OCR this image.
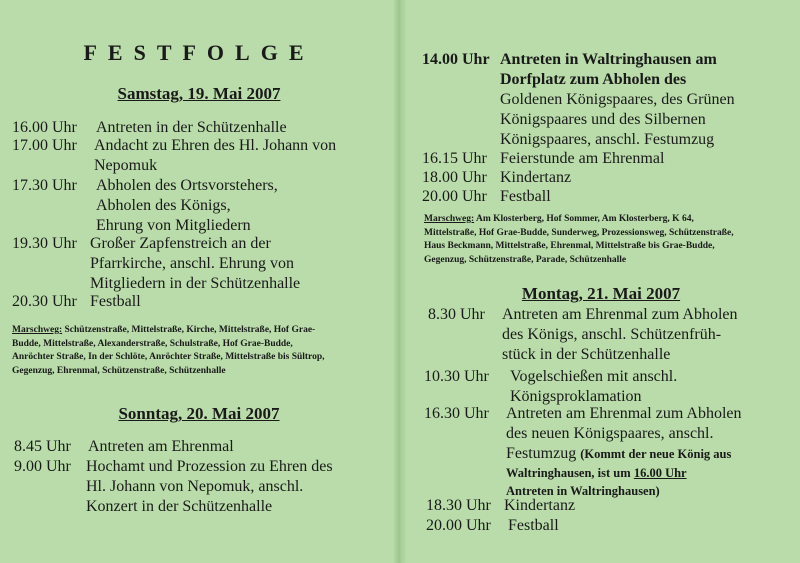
FESTFOLGE
Samstag, 19. Mai 2007
16.00 Uhr Antreten in der Schützenhalle
17.00 Uhr Andacht zu Ehren des Hl. Johann von
Nepomuk
17.30 Uhr Abholen des Ortsvorstehers,
Abholen des Königs,
Ehrung von Mitgliedern
19.30 Uhr Großer Zapfenstreich an der
Pfarrkirche, anschl. Ehrung von
Mitgliedern in der Schützenhalle
20.30 Uhr Festball
Marschweg: Schützenstraße, Mittelstraße, Kirche, Mittelstraße, Hof Grae-
Budde, Mittelstraße, Alexanderstraße, Schulstraße, Hof Grae-Budde,
Anröchter Straße, In der Schlöte, Anröchter Straße, Mittelstraße bis Sültrop,
Gegenzug, Ehrenmal, Schützenstraße, Schützenhalle
Sonntag, 20. Mai 2007
8.45 Uhr Antreten am Ehrenmal
9.00 Uhr Hochamt und Prozession zu Ehren des
Hl. Johann von Nepomuk, anschl.
Konzert in der Schützenhalle
14.00 Uhr Antreten in Waltringhausen am
Dorfplatz zum Abholen des
Goldenen Königspaares, des Grünen
Königspaares und des Silbernen
Königspaares, anschl. Festumzug
16.15 Uhr Feierstunde am Ehrenmal
18.00 Uhr Kindertanz
20.00 Uhr Festball
Marschweg: Am Klosterberg, Hof Sommer, Am Klosterberg, K 64,
Mittelstraße, Hof Grae-Budde, Sunderweg, Prozessionsweg, Schützenstraße,
Haus Beckmann, Mittelstraße, Ehrenmal, Mittelstraße bis Grae-Budde,
Gegenzug, Schützenstraße, Parade, Schützenhalle
Montag, 21. Mai 2007
8.30 Uhr Antreten am Ehrenmal zum Abholen
des Königs, anschl. Schützenfrüh-
stück in der Schützenhalle
10.30 Uhr Vogelschießen mit anschl.
Königsproklamation
16.30 Uhr Antreten am Ehrenmal zum Abholen
des neuen Königspaares, anschl.
Festumzug (Kommt der neue König aus
Waltringhausen, ist um 16.00 Uhr
Antreten in Waltringhausen)
18.30 Uhr Kindertanz
20.00 Uhr Festball
